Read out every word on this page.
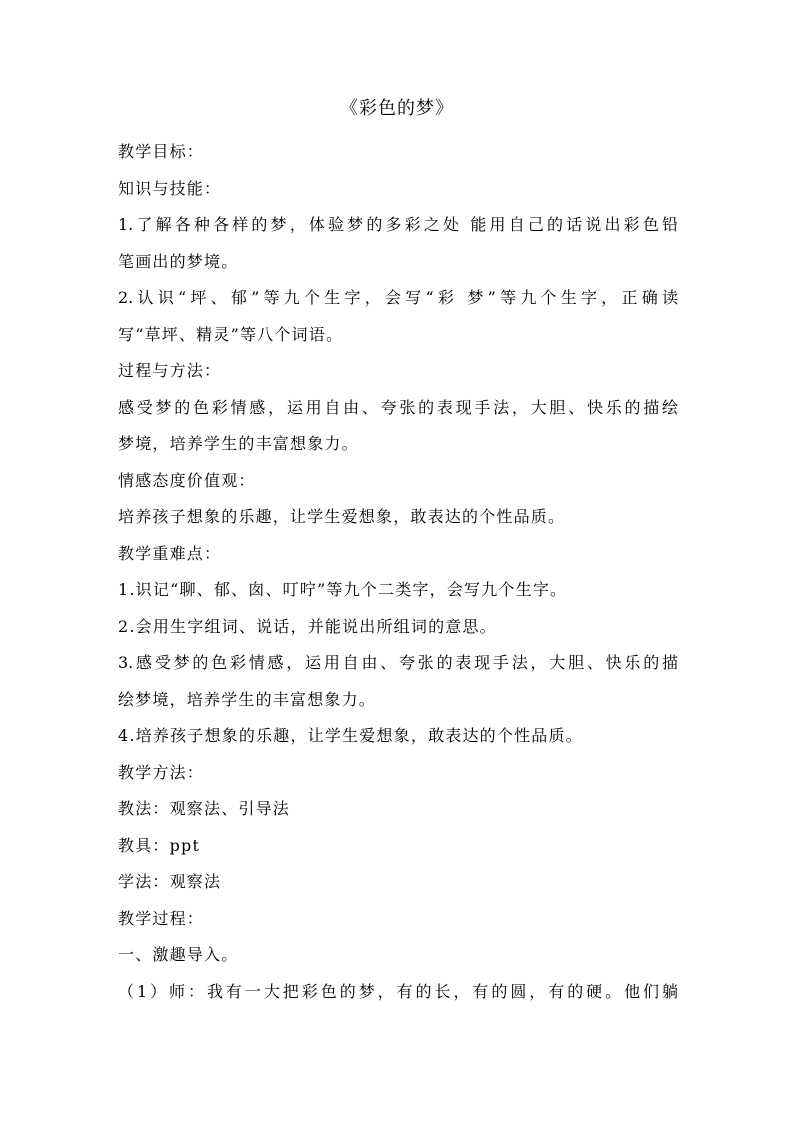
《彩色的梦》
教学目标：
知识与技能：
1.了解各种各样的梦，体验梦的多彩之处 能用自己的话说出彩色铅
笔画出的梦境。
2.认识“坪、郁”等九个生字，会写“彩 梦”等九个生字，正确读
写“草坪、精灵”等八个词语。
过程与方法：
感受梦的色彩情感，运用自由、夸张的表现手法，大胆、快乐的描绘
梦境，培养学生的丰富想象力。
情感态度价值观：
培养孩子想象的乐趣，让学生爱想象，敢表达的个性品质。
教学重难点：
1.识记“聊、郁、囱、叮咛”等九个二类字，会写九个生字。
2.会用生字组词、说话，并能说出所组词的意思。
3.感受梦的色彩情感，运用自由、夸张的表现手法，大胆、快乐的描
绘梦境，培养学生的丰富想象力。
4.培养孩子想象的乐趣，让学生爱想象，敢表达的个性品质。
教学方法：
教法：观察法、引导法
教具：ppt
学法：观察法
教学过程：
一、激趣导入。
（1）师：我有一大把彩色的梦，有的长，有的圆，有的硬。他们躺
